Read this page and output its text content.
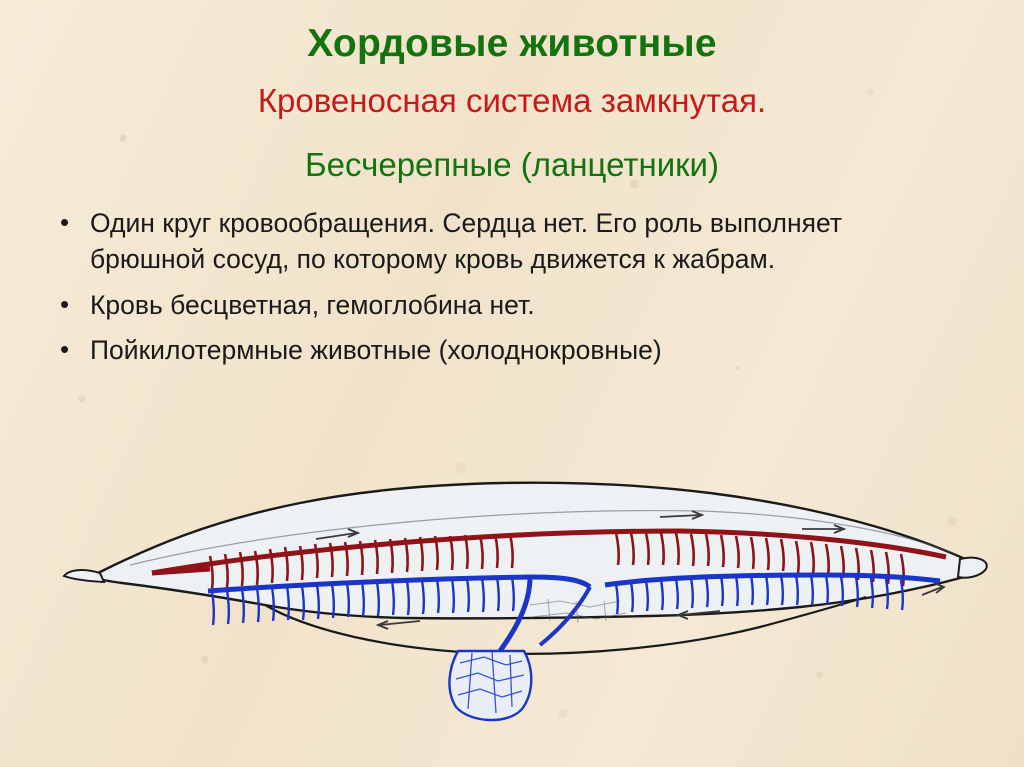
Хордовые животные
Кровеносная система замкнутая.
Бесчерепные (ланцетники)
• Один круг кровообращения. Сердца нет. Его роль выполняет брюшной сосуд, по которому кровь движется к жабрам.
• Кровь бесцветная, гемоглобина нет.
• Пойкилотермные животные (холоднокровные)
